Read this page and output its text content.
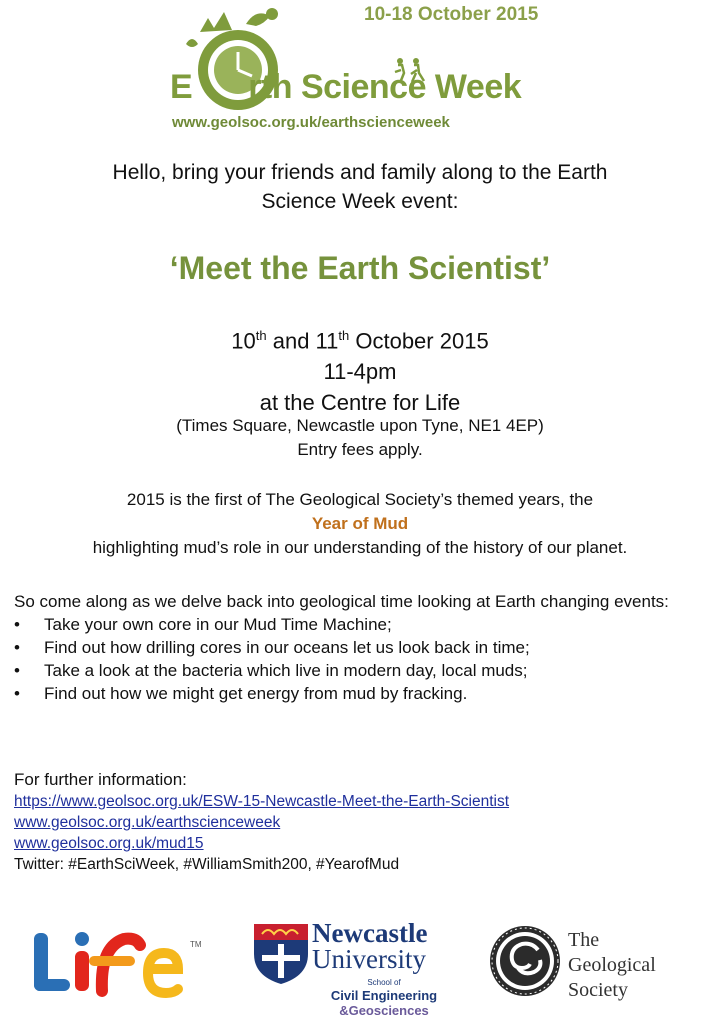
10-18 October 2015
E rth Science Week
www.geolsoc.org.uk/earthscienceweek
Hello, bring your friends and family along to the Earth
Science Week event:
‘Meet the Earth Scientist’
10th and 11th October 2015
11-4pm
at the Centre for Life
(Times Square, Newcastle upon Tyne, NE1 4EP)
Entry fees apply.
2015 is the first of The Geological Society’s themed years, the
Year of Mud
highlighting mud’s role in our understanding of the history of our planet.
So come along as we delve back into geological time looking at Earth changing events:
• Take your own core in our Mud Time Machine;
• Find out how drilling cores in our oceans let us look back in time;
• Take a look at the bacteria which live in modern day, local muds;
• Find out how we might get energy from mud by fracking.
For further information:
https://www.geolsoc.org.uk/ESW-15-Newcastle-Meet-the-Earth-Scientist
www.geolsoc.org.uk/earthscienceweek
www.geolsoc.org.uk/mud15
Twitter: #EarthSciWeek, #WilliamSmith200, #YearofMud
TM	Newcastle
University
School of
Civil Engineering
&Geosciences
The
Geological
Society
